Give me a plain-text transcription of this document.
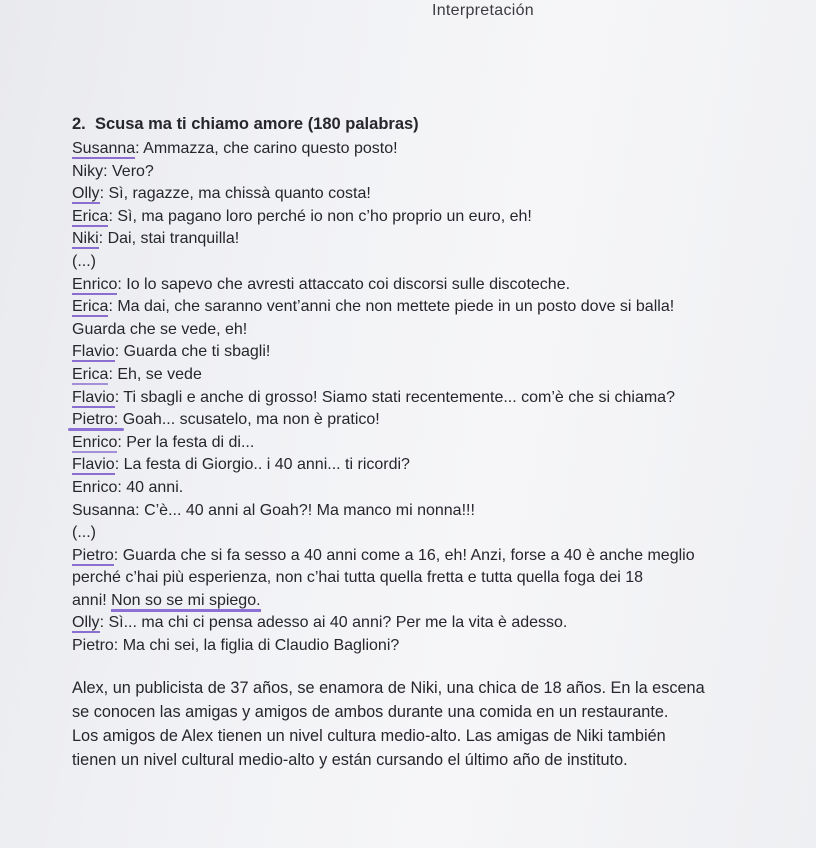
Interpretación
2. Scusa ma ti chiamo amore (180 palabras)
Susanna: Ammazza, che carino questo posto!
Niky: Vero?
Olly: Sì, ragazze, ma chissà quanto costa!
Erica: Sì, ma pagano loro perché io non c’ho proprio un euro, eh!
Niki: Dai, stai tranquilla!
(...)
Enrico: Io lo sapevo che avresti attaccato coi discorsi sulle discoteche.
Erica: Ma dai, che saranno vent’anni che non mettete piede in un posto dove si balla!
Guarda che se vede, eh!
Flavio: Guarda che ti sbagli!
Erica: Eh, se vede
Flavio: Ti sbagli e anche di grosso! Siamo stati recentemente... com’è che si chiama?
Pietro: Goah... scusatelo, ma non è pratico!
Enrico: Per la festa di di...
Flavio: La festa di Giorgio.. i 40 anni... ti ricordi?
Enrico: 40 anni.
Susanna: C’è... 40 anni al Goah?! Ma manco mi nonna!!!
(...)
Pietro: Guarda che si fa sesso a 40 anni come a 16, eh! Anzi, forse a 40 è anche meglio
perché c’hai più esperienza, non c’hai tutta quella fretta e tutta quella foga dei 18
anni! Non so se mi spiego.
Olly: Sì... ma chi ci pensa adesso ai 40 anni? Per me la vita è adesso.
Pietro: Ma chi sei, la figlia di Claudio Baglioni?
Alex, un publicista de 37 años, se enamora de Niki, una chica de 18 años. En la escena
se conocen las amigas y amigos de ambos durante una comida en un restaurante.
Los amigos de Alex tienen un nivel cultura medio-alto. Las amigas de Niki también
tienen un nivel cultural medio-alto y están cursando el último año de instituto.
